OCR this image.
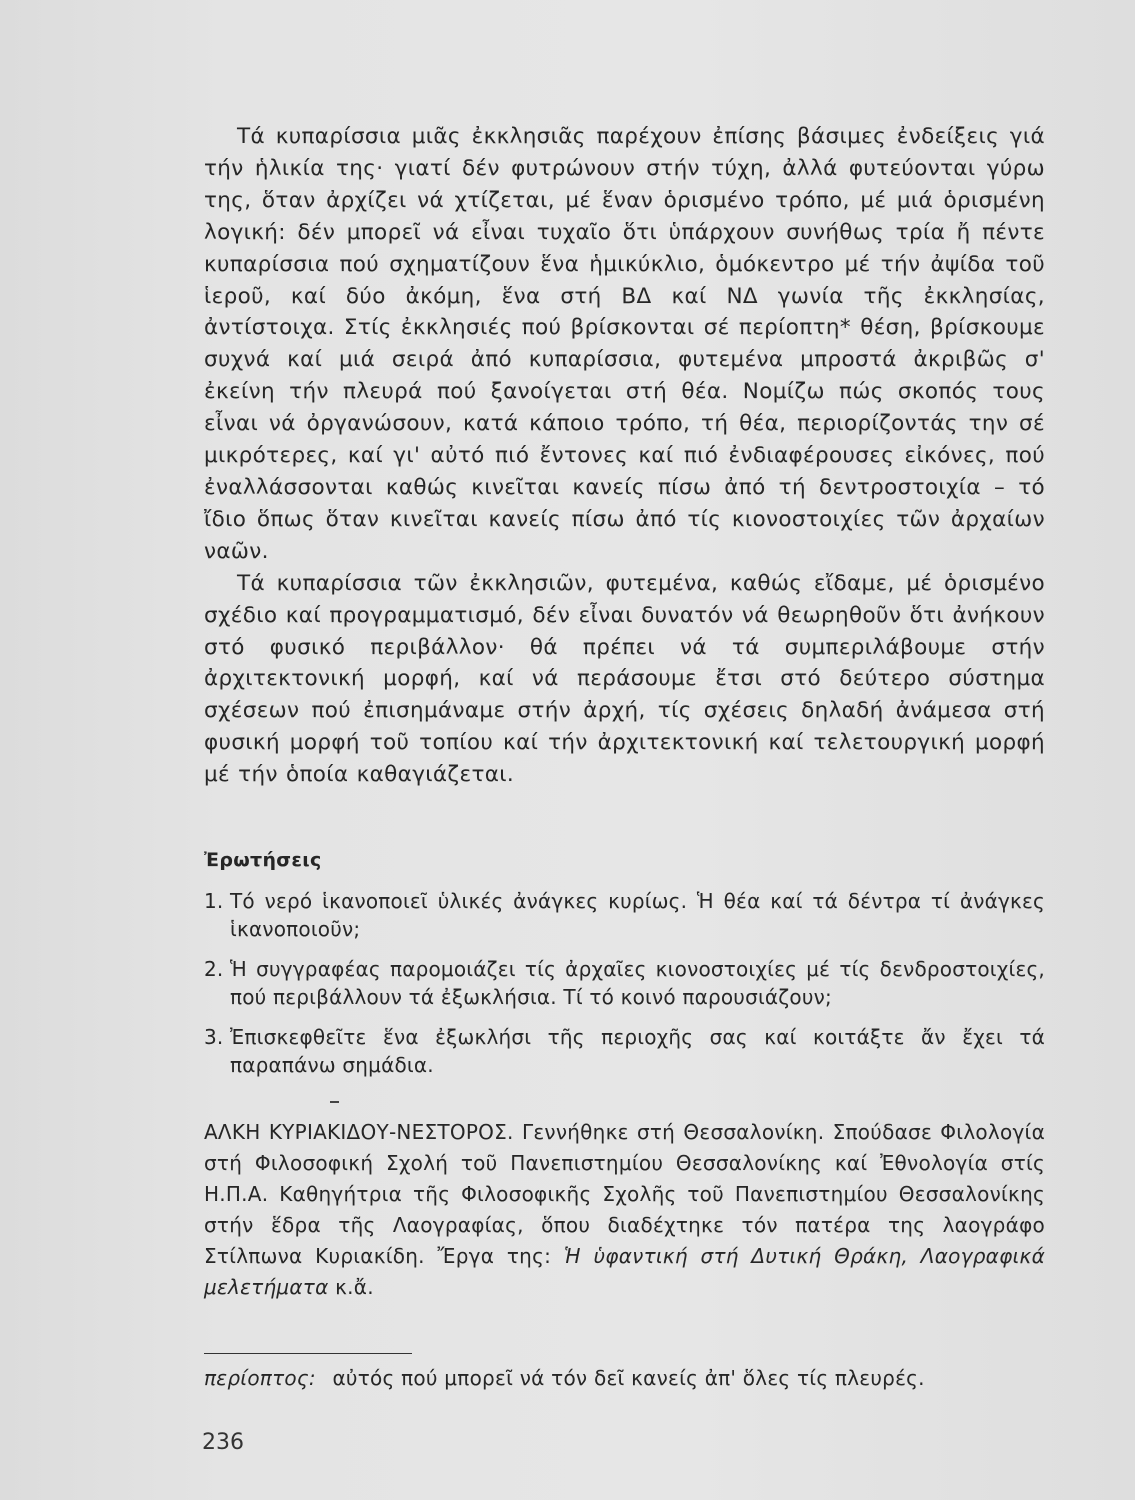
Τά κυπαρίσσια μιᾶς ἐκκλησιᾶς παρέχουν ἐπίσης βάσιμες ἐνδείξεις γιά τήν ἡλικία της· γιατί δέν φυτρώνουν στήν τύχη, ἀλλά φυτεύονται γύρω της, ὅταν ἀρχίζει νά χτίζεται, μέ ἕναν ὁρισμένο τρόπο, μέ μιά ὁρισμένη λογική: δέν μπορεῖ νά εἶναι τυχαῖο ὅτι ὑπάρχουν συνήθως τρία ἤ πέντε κυπαρίσσια πού σχηματίζουν ἕνα ἡμικύκλιο, ὁμόκεντρο μέ τήν ἀψίδα τοῦ ἱεροῦ, καί δύο ἀκόμη, ἕνα στή ΒΔ καί ΝΔ γωνία τῆς ἐκκλησίας, ἀντίστοιχα. Στίς ἐκκλησιές πού βρίσκονται σέ περίοπτη* θέση, βρίσκουμε συχνά καί μιά σειρά ἀπό κυπαρίσσια, φυτεμένα μπροστά ἀκριβῶς σ' ἐκείνη τήν πλευρά πού ξανοίγεται στή θέα. Νομίζω πώς σκοπός τους εἶναι νά ὀργανώσουν, κατά κάποιο τρόπο, τή θέα, περιορίζοντάς την σέ μικρότερες, καί γι' αὐτό πιό ἔντονες καί πιό ἐνδιαφέρουσες εἰκόνες, πού ἐναλλάσσονται καθώς κινεῖται κανείς πίσω ἀπό τή δεντροστοιχία – τό ἴδιο ὅπως ὅταν κινεῖται κανείς πίσω ἀπό τίς κιονοστοιχίες τῶν ἀρχαίων ναῶν.

Τά κυπαρίσσια τῶν ἐκκλησιῶν, φυτεμένα, καθώς εἴδαμε, μέ ὁρισμένο σχέδιο καί προγραμματισμό, δέν εἶναι δυνατόν νά θεωρηθοῦν ὅτι ἀνήκουν στό φυσικό περιβάλλον· θά πρέπει νά τά συμπεριλάβουμε στήν ἀρχιτεκτονική μορφή, καί νά περάσουμε ἔτσι στό δεύτερο σύστημα σχέσεων πού ἐπισημάναμε στήν ἀρχή, τίς σχέσεις δηλαδή ἀνάμεσα στή φυσική μορφή τοῦ τοπίου καί τήν ἀρχιτεκτονική καί τελετουργική μορφή μέ τήν ὁποία καθαγιάζεται.

Ἐρωτήσεις
1. Τό νερό ἱκανοποιεῖ ὑλικές ἀνάγκες κυρίως. Ἡ θέα καί τά δέντρα τί ἀνάγκες ἱκανοποιοῦν;
2. Ἡ συγγραφέας παρομοιάζει τίς ἀρχαῖες κιονοστοιχίες μέ τίς δενδροστοιχίες, πού περιβάλλουν τά ἐξωκλήσια. Τί τό κοινό παρουσιάζουν;
3. Ἐπισκεφθεῖτε ἕνα ἐξωκλήσι τῆς περιοχῆς σας καί κοιτάξτε ἄν ἔχει τά παραπάνω σημάδια.
ΑΛΚΗ ΚΥΡΙΑΚΙΔΟΥ-ΝΕΣΤΟΡΟΣ. Γεννήθηκε στή Θεσσαλονίκη. Σπούδασε Φιλολογία στή Φιλοσοφική Σχολή τοῦ Πανεπιστημίου Θεσσαλονίκης καί Ἐθνολογία στίς Η.Π.Α. Καθηγήτρια τῆς Φιλοσοφικῆς Σχολῆς τοῦ Πανεπιστημίου Θεσσαλονίκης στήν ἕδρα τῆς Λαογραφίας, ὅπου διαδέχτηκε τόν πατέρα της λαογράφο Στίλπωνα Κυριακίδη. Ἔργα της: Ἡ ὑφαντική στή Δυτική Θράκη, Λαογραφικά μελετήματα κ.ἄ.
περίοπτος: αὐτός πού μπορεῖ νά τόν δεῖ κανείς ἀπ' ὅλες τίς πλευρές.
236
